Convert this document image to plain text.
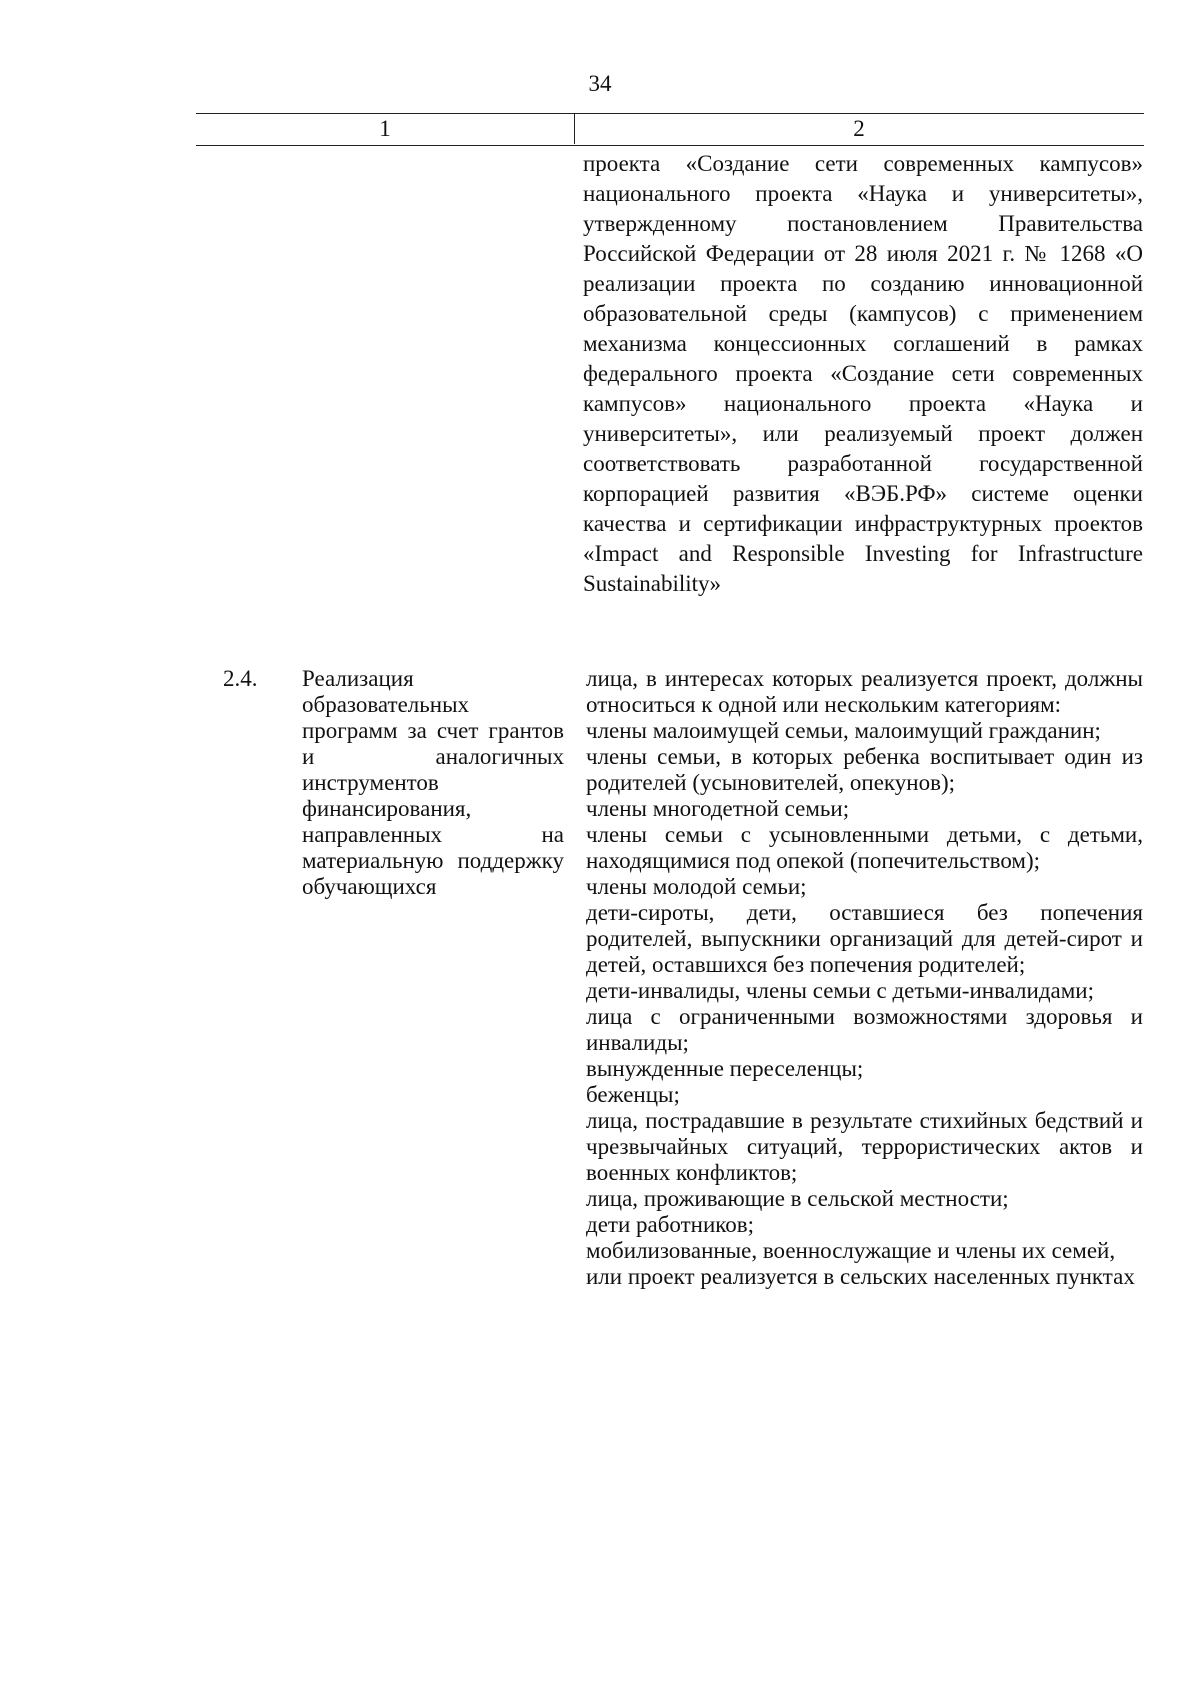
34
1	2
проекта «Создание сети современных кампусов» национального проекта «Наука и университеты», утвержденному постановлением Правительства Российской Федерации от 28 июля 2021 г. № 1268 «О реализации проекта по созданию инновационной образовательной среды (кампусов) с применением механизма концессионных соглашений в рамках федерального проекта «Создание сети современных кампусов» национального проекта «Наука и университеты», или реализуемый проект должен соответствовать разработанной государственной корпорацией развития «ВЭБ.РФ» системе оценки качества и сертификации инфраструктурных проектов «Impact and Responsible Investing for Infrastructure Sustainability»
2.4. Реализация образовательных программ за счет грантов и аналогичных инструментов финансирования, направленных на материальную поддержку обучающихся
лица, в интересах которых реализуется проект, должны относиться к одной или нескольким категориям:
члены малоимущей семьи, малоимущий гражданин;
члены семьи, в которых ребенка воспитывает один из родителей (усыновителей, опекунов);
члены многодетной семьи;
члены семьи с усыновленными детьми, с детьми, находящимися под опекой (попечительством);
члены молодой семьи;
дети-сироты, дети, оставшиеся без попечения родителей, выпускники организаций для детей-сирот и детей, оставшихся без попечения родителей;
дети-инвалиды, члены семьи с детьми-инвалидами;
лица с ограниченными возможностями здоровья и инвалиды;
вынужденные переселенцы;
беженцы;
лица, пострадавшие в результате стихийных бедствий и чрезвычайных ситуаций, террористических актов и военных конфликтов;
лица, проживающие в сельской местности;
дети работников;
мобилизованные, военнослужащие и члены их семей,
или проект реализуется в сельских населенных пунктах
